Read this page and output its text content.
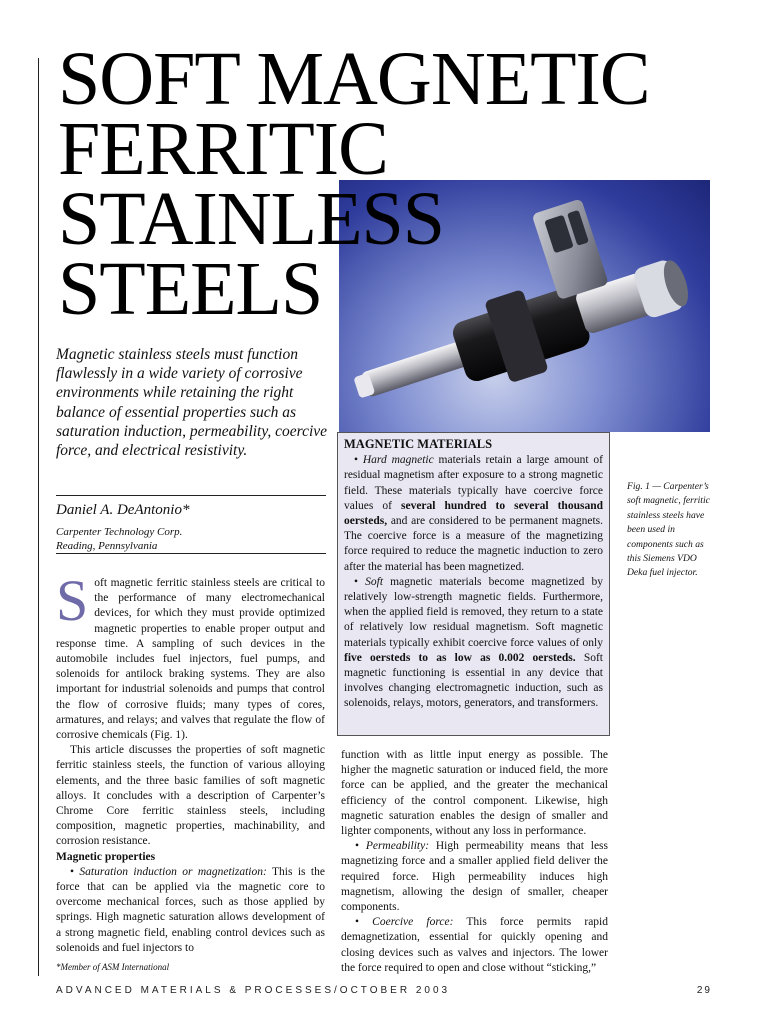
SOFT MAGNETIC
FERRITIC
STAINLESS
STEELS

Magnetic stainless steels must function flawlessly in a wide variety of corrosive environments while retaining the right balance of essential properties such as saturation induction, permeability, coercive force, and electrical resistivity.

Daniel A. DeAntonio*
Carpenter Technology Corp.
Reading, Pennsylvania

Soft magnetic ferritic stainless steels are critical to the performance of many electromechanical devices, for which they must provide optimized magnetic properties to enable proper output and response time. A sampling of such devices in the automobile includes fuel injectors, fuel pumps, and solenoids for antilock braking systems. They are also important for industrial solenoids and pumps that control the flow of corrosive fluids; many types of cores, armatures, and relays; and valves that regulate the flow of corrosive chemicals (Fig. 1).

This article discusses the properties of soft magnetic ferritic stainless steels, the function of various alloying elements, and the three basic families of soft magnetic alloys. It concludes with a description of Carpenter’s Chrome Core ferritic stainless steels, including composition, magnetic properties, machinability, and corrosion resistance.

Magnetic properties

• Saturation induction or magnetization: This is the force that can be applied via the magnetic core to overcome mechanical forces, such as those applied by springs. High magnetic saturation allows development of a strong magnetic field, enabling control devices such as solenoids and fuel injectors to

*Member of ASM International
MAGNETIC MATERIALS

• Hard magnetic materials retain a large amount of residual magnetism after exposure to a strong magnetic field. These materials typically have coercive force values of several hundred to several thousand oersteds, and are considered to be permanent magnets. The coercive force is a measure of the magnetizing force required to reduce the magnetic induction to zero after the material has been magnetized.

• Soft magnetic materials become magnetized by relatively low-strength magnetic fields. Furthermore, when the applied field is removed, they return to a state of relatively low residual magnetism. Soft magnetic materials typically exhibit coercive force values of only five oersteds to as low as 0.002 oersteds. Soft magnetic functioning is essential in any device that involves changing electromagnetic induction, such as solenoids, relays, motors, generators, and transformers.

function with as little input energy as possible. The higher the magnetic saturation or induced field, the more force can be applied, and the greater the mechanical efficiency of the control component. Likewise, high magnetic saturation enables the design of smaller and lighter components, without any loss in performance.

• Permeability: High permeability means that less magnetizing force and a smaller applied field deliver the required force. High permeability induces high magnetism, allowing the design of smaller, cheaper components.

• Coercive force: This force permits rapid demagnetization, essential for quickly opening and closing devices such as valves and injectors. The lower the force required to open and close without “sticking,”

Fig. 1 — Carpenter’s soft magnetic, ferritic stainless steels have been used in components such as this Siemens VDO Deka fuel injector.
ADVANCED MATERIALS & PROCESSES/OCTOBER 2003	29
